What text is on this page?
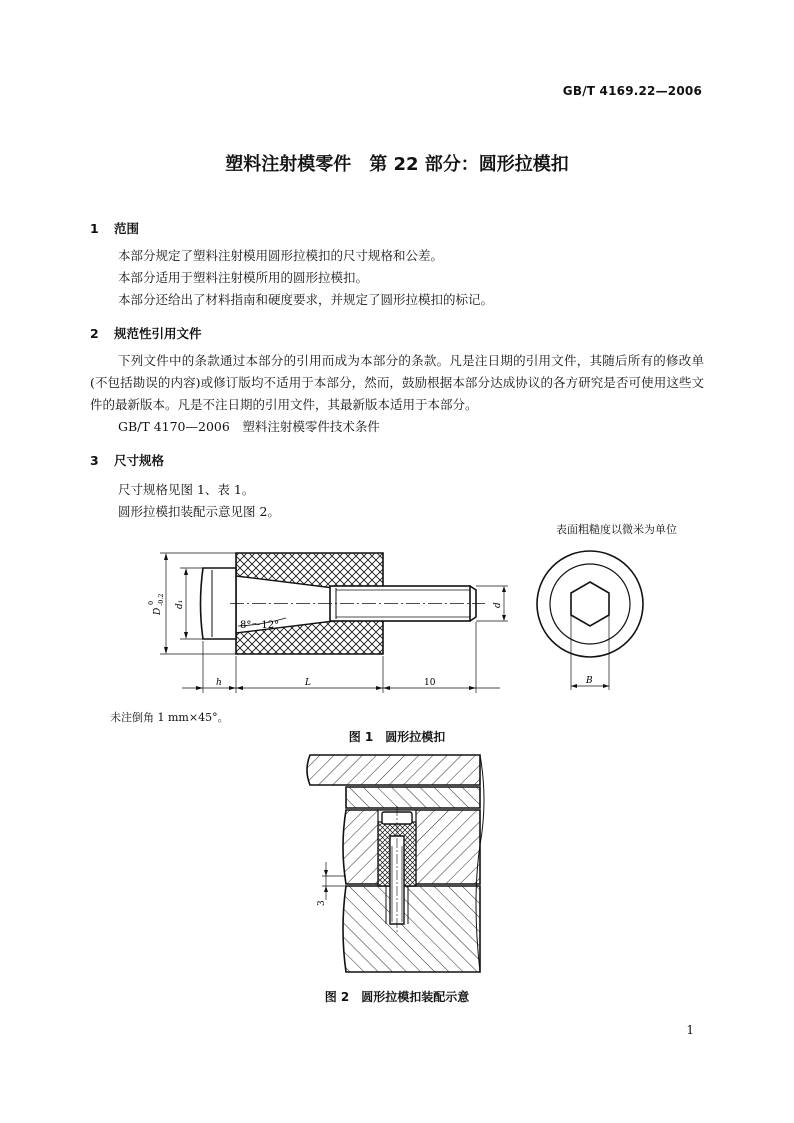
GB/T 4169.22—2006
塑料注射模零件　第 22 部分：圆形拉模扣
1 范围
本部分规定了塑料注射模用圆形拉模扣的尺寸规格和公差。
本部分适用于塑料注射模所用的圆形拉模扣。
本部分还给出了材料指南和硬度要求，并规定了圆形拉模扣的标记。
2 规范性引用文件
下列文件中的条款通过本部分的引用而成为本部分的条款。凡是注日期的引用文件，其随后所有的修改单(不包括勘误的内容)或修订版均不适用于本部分，然而，鼓励根据本部分达成协议的各方研究是否可使用这些文件的最新版本。凡是不注日期的引用文件，其最新版本适用于本部分。
GB/T 4170—2006　塑料注射模零件技术条件
3 尺寸规格
尺寸规格见图 1、表 1。
圆形拉模扣装配示意见图 2。
表面粗糙度以微米为单位
8°～12°
D
0 -0.2 d₁	d
h	L	10	B
未注倒角 1 mm×45°。
图 1　圆形拉模扣
3
图 2　圆形拉模扣装配示意
1
